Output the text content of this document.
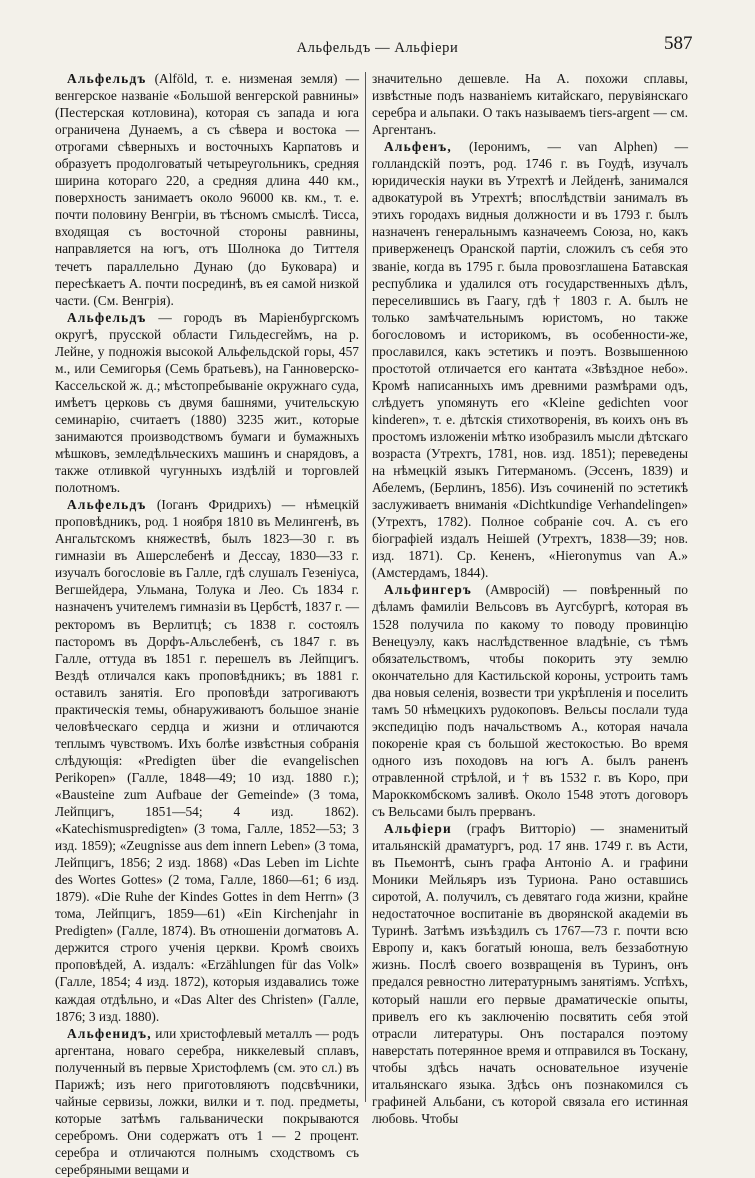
Альфельдъ — Альфіери	587

Альфельдъ (Alföld, т. е. низменая земля) — венгерское названіе «Большой венгерской равнины» (Пестерская котловина), которая съ запада и юга ограничена Дунаемъ, а съ сѣвера и востока — отрогами сѣверныхъ и восточныхъ Карпатовъ и образуетъ продолговатый четыреугольникъ, средняя ширина котораго 220, а средняя длина 440 км., поверхность занимаетъ около 96000 кв. км., т. е. почти половину Венгріи, въ тѣсномъ смыслѣ. Тисса, входящая съ восточной стороны равнины, направляется на югъ, отъ Шолнока до Титтеля течетъ параллельно Дунаю (до Буковара) и пересѣкаетъ А. почти посрединѣ, въ ея самой низкой части. (См. Венгрія).

Альфельдъ — городъ въ Маріенбургскомъ округѣ, прусской области Гильдесгеймъ, на р. Лейне, у подножія высокой Альфельдской горы, 457 м., или Семигорья (Семь братьевъ), на Ганноверско-Кассельской ж. д.; мѣстопребываніе окружнаго суда, имѣетъ церковь съ двумя башнями, учительскую семинарію, считаетъ (1880) 3235 жит., которые занимаются производствомъ бумаги и бумажныхъ мѣшковъ, земледѣльческихъ машинъ и снарядовъ, а также отливкой чугунныхъ издѣлій и торговлей полотномъ.

Альфельдъ (Іоганъ Фридрихъ) — нѣмецкій проповѣдникъ, род. 1 ноября 1810 въ Мелингенѣ, въ Ангальтскомъ княжествѣ, былъ 1823—30 г. въ гимназіи въ Ашерслебенѣ и Дессау, 1830—33 г. изучалъ богословіе въ Галле, гдѣ слушалъ Гезеніуса, Вегшейдера, Ульмана, Толука и Лео. Съ 1834 г. назначенъ учителемъ гимназіи въ Цербстѣ, 1837 г. — ректоромъ въ Верлитцѣ; съ 1838 г. состоялъ пасторомъ въ Дорфъ-Альслебенѣ, съ 1847 г. въ Галле, оттуда въ 1851 г. перешелъ въ Лейпцигъ. Вездѣ отличался какъ проповѣдникъ; въ 1881 г. оставилъ занятія. Его проповѣди затрогиваютъ практическія темы, обнаруживаютъ большое знаніе человѣческаго сердца и жизни и отличаются теплымъ чувствомъ. Ихъ болѣе извѣстныя собранія слѣдующія: «Predigten über die evangelischen Perikopen» (Галле, 1848—49; 10 изд. 1880 г.); «Bausteine zum Aufbaue der Gemeinde» (3 тома, Лейпцигъ, 1851—54; 4 изд. 1862). «Katechismuspredigten» (3 тома, Галле, 1852—53; 3 изд. 1859); «Zeugnisse aus dem innern Leben» (3 тома, Лейпцигъ, 1856; 2 изд. 1868) «Das Leben im Lichte des Wortes Gottes» (2 тома, Галле, 1860—61; 6 изд. 1879). «Die Ruhe der Kindes Gottes in dem Herrn» (3 тома, Лейпцигъ, 1859—61) «Ein Kirchenjahr in Predigten» (Галле, 1874). Въ отношеніи догматовъ А. держится строго ученія церкви. Кромѣ своихъ проповѣдей, А. издалъ: «Erzählungen für das Volk» (Галле, 1854; 4 изд. 1872), которыя издавались тоже каждая отдѣльно, и «Das Alter des Christen» (Галле, 1876; 3 изд. 1880).

Альфенидъ, или христофлевый металлъ — родъ аргентана, новаго серебра, никкелевый сплавъ, полученный въ первые Христофлемъ (см. это сл.) въ Парижѣ; изъ него приготовляютъ подсвѣчники, чайные сервизы, ложки, вилки и т. под. предметы, которые затѣмъ гальванически покрываются серебромъ. Они содержатъ отъ 1 — 2 процент. серебра и отличаются полнымъ сходствомъ съ серебряными вещами и

значительно дешевле. На А. похожи сплавы, извѣстные подъ названіемъ китайскаго, перувіянскаго серебра и альпаки. О такъ называемъ tiers-argent — см. Аргентанъ.

Альфенъ, (Іеронимъ, — van Alphen) — голландскій поэтъ, род. 1746 г. въ Гоудѣ, изучалъ юридическія науки въ Утрехтѣ и Лейденѣ, занимался адвокатурой въ Утрехтѣ; впослѣдствіи занималъ въ этихъ городахъ видныя должности и въ 1793 г. былъ назначенъ генеральнымъ казначеемъ Союза, но, какъ приверженецъ Оранской партіи, сложилъ съ себя это званіе, когда въ 1795 г. была провозглашена Батавская республика и удалился отъ государственныхъ дѣлъ, переселившись въ Гаагу, гдѣ † 1803 г. А. былъ не только замѣчательнымъ юристомъ, но также богословомъ и историкомъ, въ особенности-же, прославился, какъ эстетикъ и поэтъ. Возвышенною простотой отличается его кантата «Звѣздное небо». Кромѣ написанныхъ имъ древними размѣрами одъ, слѣдуетъ упомянуть его «Kleine gedichten voor kinderen», т. е. дѣтскія стихотворенія, въ коихъ онъ въ простомъ изложеніи мѣтко изобразилъ мысли дѣтскаго возраста (Утрехтъ, 1781, нов. изд. 1851); переведены на нѣмецкій языкъ Гитерманомъ. (Эссенъ, 1839) и Абелемъ, (Берлинъ, 1856). Изъ сочиненій по эстетикѣ заслуживаетъ вниманія «Dichtkundige Verhandelingen» (Утрехтъ, 1782). Полное собраніе соч. А. съ его біографіей издалъ Неішей (Утрехтъ, 1838—39; нов. изд. 1871). Ср. Кененъ, «Hieronymus van A.» (Амстердамъ, 1844).

Альфингеръ (Амвросій) — повѣренный по дѣламъ фамиліи Вельсовъ въ Аугсбургѣ, которая въ 1528 получила по какому то поводу провинцію Венецуэлу, какъ наслѣдственное владѣніе, съ тѣмъ обязательствомъ, чтобы покорить эту землю окончательно для Кастильской короны, устроить тамъ два новыя селенія, возвести три укрѣпленія и поселить тамъ 50 нѣмецкихъ рудокоповъ. Вельсы послали туда экспедицію подъ начальствомъ А., которая начала покореніе края съ большой жестокостью. Во время одного изъ походовъ на югъ А. былъ раненъ отравленной стрѣлой, и † въ 1532 г. въ Коро, при Мароккомбскомъ заливѣ. Около 1548 этотъ договоръ съ Вельсами былъ прерванъ.

Альфіери (графъ Витторіо) — знаменитый итальянскій драматургъ, род. 17 янв. 1749 г. въ Асти, въ Пьемонтѣ, сынъ графа Антоніо А. и графини Моники Мейльяръ изъ Туриона. Рано оставшись сиротой, А. получилъ, съ девятаго года жизни, крайне недостаточное воспитаніе въ дворянской академіи въ Туринѣ. Затѣмъ изъѣздилъ съ 1767—73 г. почти всю Европу и, какъ богатый юноша, велъ беззаботную жизнь. Послѣ своего возвращенія въ Туринъ, онъ предался ревностно литературнымъ занятіямъ. Успѣхъ, который нашли его первые драматическіе опыты, привелъ его къ заключенію посвятить себя этой отрасли литературы. Онъ постарался поэтому наверстать потерянное время и отправился въ Тоскану, чтобы здѣсь начать основательное изученіе итальянскаго языка. Здѣсь онъ познакомился съ графиней Альбани, съ которой связала его истинная любовь. Чтобы
